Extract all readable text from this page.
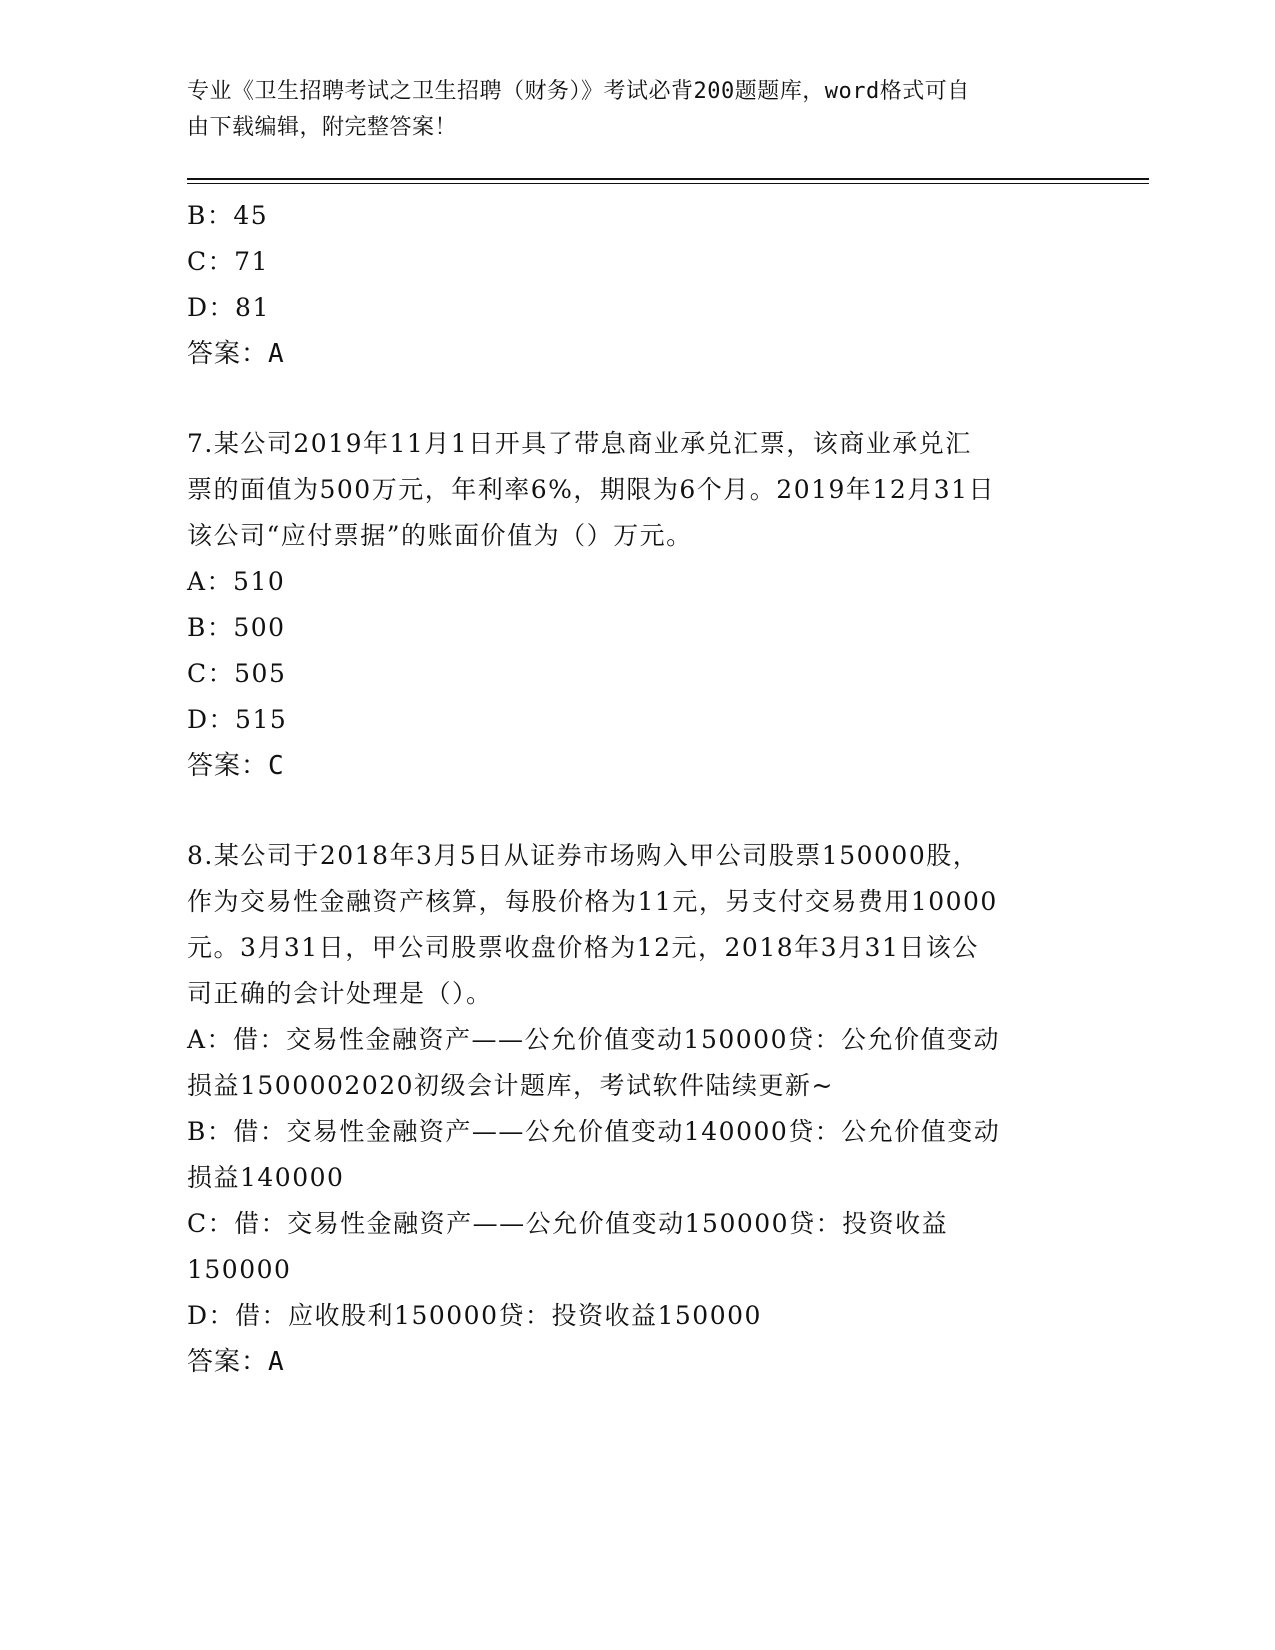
专业《卫生招聘考试之卫生招聘（财务）》考试必背200题题库，word格式可自
由下载编辑，附完整答案！
B：45
C：71
D：81
答案：A
7.某公司2019年11月1日开具了带息商业承兑汇票，该商业承兑汇
票的面值为500万元，年利率6%，期限为6个月。2019年12月31日
该公司“应付票据”的账面价值为（）万元。
A：510
B：500
C：505
D：515
答案：C
8.某公司于2018年3月5日从证券市场购入甲公司股票150000股，
作为交易性金融资产核算，每股价格为11元，另支付交易费用10000
元。3月31日，甲公司股票收盘价格为12元，2018年3月31日该公
司正确的会计处理是（）。
A：借：交易性金融资产——公允价值变动150000贷：公允价值变动
损益1500002020初级会计题库，考试软件陆续更新~
B：借：交易性金融资产——公允价值变动140000贷：公允价值变动
损益140000
C：借：交易性金融资产——公允价值变动150000贷：投资收益
150000
D：借：应收股利150000贷：投资收益150000
答案：A
